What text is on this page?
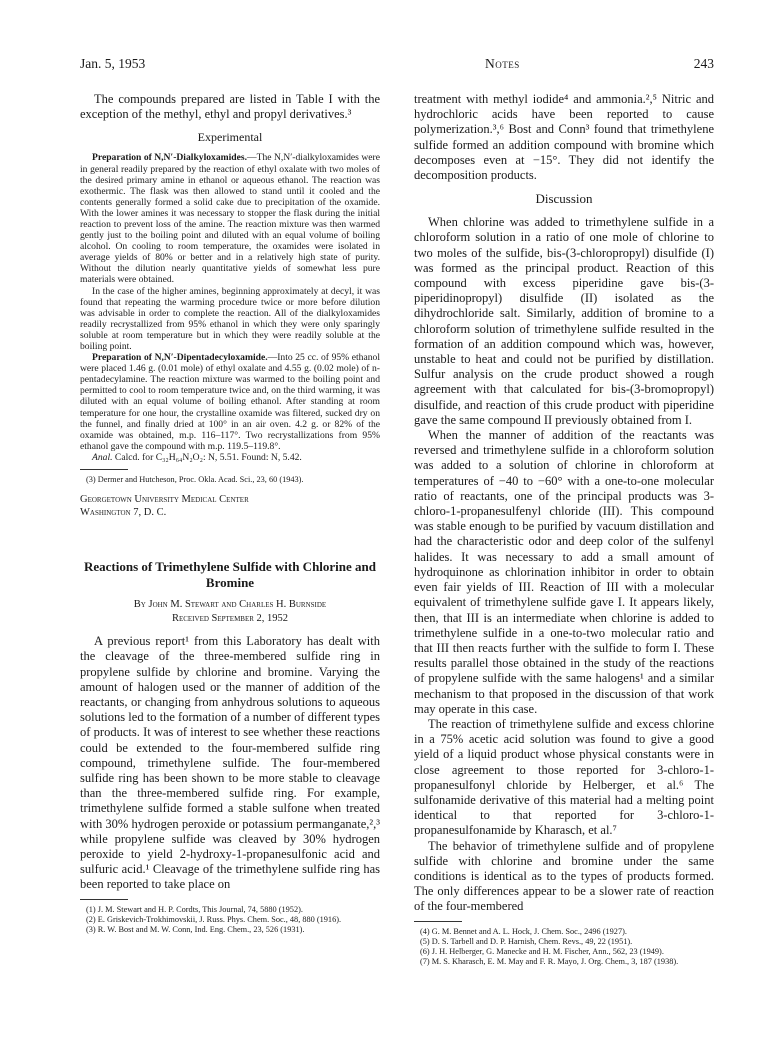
Jan. 5, 1953	Notes	243

The compounds prepared are listed in Table I with the exception of the methyl, ethyl and propyl derivatives.³

Experimental

Preparation of N,N′-Dialkyloxamides.—The N,N′-dialkyloxamides were in general readily prepared by the reaction of ethyl oxalate with two moles of the desired primary amine in ethanol or aqueous ethanol. The reaction was exothermic. The flask was then allowed to stand until it cooled and the contents generally formed a solid cake due to precipitation of the oxamide. With the lower amines it was necessary to stopper the flask during the initial reaction to prevent loss of the amine. The reaction mixture was then warmed gently just to the boiling point and diluted with an equal volume of boiling alcohol. On cooling to room temperature, the oxamides were isolated in average yields of 80% or better and in a relatively high state of purity. Without the dilution nearly quantitative yields of somewhat less pure materials were obtained.

In the case of the higher amines, beginning approximately at decyl, it was found that repeating the warming procedure twice or more before dilution was advisable in order to complete the reaction. All of the dialkyloxamides readily recrystallized from 95% ethanol in which they were only sparingly soluble at room temperature but in which they were readily soluble at the boiling point.

Preparation of N,N′-Dipentadecyloxamide.—Into 25 cc. of 95% ethanol were placed 1.46 g. (0.01 mole) of ethyl oxalate and 4.55 g. (0.02 mole) of n-pentadecylamine. The reaction mixture was warmed to the boiling point and permitted to cool to room temperature twice and, on the third warming, it was diluted with an equal volume of boiling ethanol. After standing at room temperature for one hour, the crystalline oxamide was filtered, sucked dry on the funnel, and finally dried at 100° in an air oven. 4.2 g. or 82% of the oxamide was obtained, m.p. 116–117°. Two recrystallizations from 95% ethanol gave the compound with m.p. 119.5–119.8°.

Anal. Calcd. for C₃₂H₆₄N₂O₂: N, 5.51. Found: N, 5.42.

(3) Dermer and Hutcheson, Proc. Okla. Acad. Sci., 23, 60 (1943).

Georgetown University Medical Center
Washington 7, D. C.
Reactions of Trimethylene Sulfide with Chlorine and Bromine
By John M. Stewart and Charles H. Burnside
Received September 2, 1952

A previous report¹ from this Laboratory has dealt with the cleavage of the three-membered sulfide ring in propylene sulfide by chlorine and bromine. Varying the amount of halogen used or the manner of addition of the reactants, or changing from anhydrous solutions to aqueous solutions led to the formation of a number of different types of products. It was of interest to see whether these reactions could be extended to the four-membered sulfide ring compound, trimethylene sulfide. The four-membered sulfide ring has been shown to be more stable to cleavage than the three-membered sulfide ring. For example, trimethylene sulfide formed a stable sulfone when treated with 30% hydrogen peroxide or potassium permanganate,²,³ while propylene sulfide was cleaved by 30% hydrogen peroxide to yield 2-hydroxy-1-propanesulfonic acid and sulfuric acid.¹ Cleavage of the trimethylene sulfide ring has been reported to take place on

(1) J. M. Stewart and H. P. Cordts, This Journal, 74, 5880 (1952).

(2) E. Griskevich-Trokhimovskii, J. Russ. Phys. Chem. Soc., 48, 880 (1916).

(3) R. W. Bost and M. W. Conn, Ind. Eng. Chem., 23, 526 (1931).

treatment with methyl iodide⁴ and ammonia.²,⁵ Nitric and hydrochloric acids have been reported to cause polymerization.³,⁶ Bost and Conn³ found that trimethylene sulfide formed an addition compound with bromine which decomposes even at −15°. They did not identify the decomposition products.

Discussion

When chlorine was added to trimethylene sulfide in a chloroform solution in a ratio of one mole of chlorine to two moles of the sulfide, bis-(3-chloropropyl) disulfide (I) was formed as the principal product. Reaction of this compound with excess piperidine gave bis-(3-piperidinopropyl) disulfide (II) isolated as the dihydrochloride salt. Similarly, addition of bromine to a chloroform solution of trimethylene sulfide resulted in the formation of an addition compound which was, however, unstable to heat and could not be purified by distillation. Sulfur analysis on the crude product showed a rough agreement with that calculated for bis-(3-bromopropyl) disulfide, and reaction of this crude product with piperidine gave the same compound II previously obtained from I.

When the manner of addition of the reactants was reversed and trimethylene sulfide in a chloroform solution was added to a solution of chlorine in chloroform at temperatures of −40 to −60° with a one-to-one molecular ratio of reactants, one of the principal products was 3-chloro-1-propanesulfenyl chloride (III). This compound was stable enough to be purified by vacuum distillation and had the characteristic odor and deep color of the sulfenyl halides. It was necessary to add a small amount of hydroquinone as chlorination inhibitor in order to obtain even fair yields of III. Reaction of III with a molecular equivalent of trimethylene sulfide gave I. It appears likely, then, that III is an intermediate when chlorine is added to trimethylene sulfide in a one-to-two molecular ratio and that III then reacts further with the sulfide to form I. These results parallel those obtained in the study of the reactions of propylene sulfide with the same halogens¹ and a similar mechanism to that proposed in the discussion of that work may operate in this case.

The reaction of trimethylene sulfide and excess chlorine in a 75% acetic acid solution was found to give a good yield of a liquid product whose physical constants were in close agreement to those reported for 3-chloro-1-propanesulfonyl chloride by Helberger, et al.⁶ The sulfonamide derivative of this material had a melting point identical to that reported for 3-chloro-1-propanesulfonamide by Kharasch, et al.⁷

The behavior of trimethylene sulfide and of propylene sulfide with chlorine and bromine under the same conditions is identical as to the types of products formed. The only differences appear to be a slower rate of reaction of the four-membered

(4) G. M. Bennet and A. L. Hock, J. Chem. Soc., 2496 (1927).

(5) D. S. Tarbell and D. P. Harnish, Chem. Revs., 49, 22 (1951).

(6) J. H. Helberger, G. Manecke and H. M. Fischer, Ann., 562, 23 (1949).

(7) M. S. Kharasch, E. M. May and F. R. Mayo, J. Org. Chem., 3, 187 (1938).
